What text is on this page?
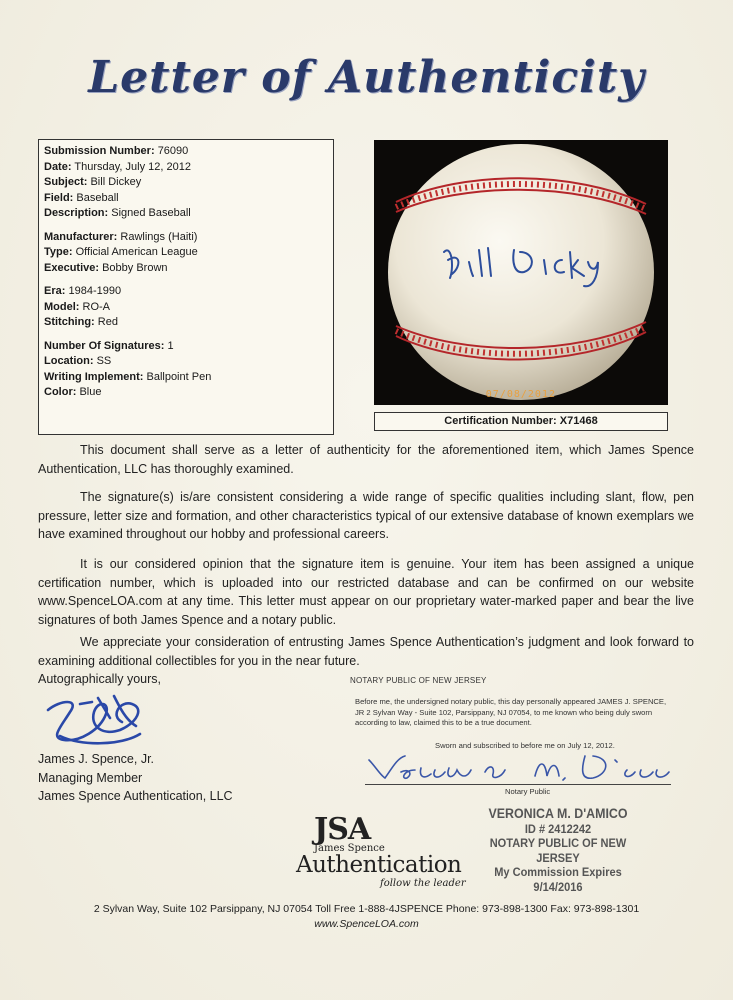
Letter of Authenticity
Submission Number: 76090
Date: Thursday, July 12, 2012
Subject: Bill Dickey
Field: Baseball
Description: Signed Baseball
Manufacturer: Rawlings (Haiti)
Type: Official American League
Executive: Bobby Brown
Era: 1984-1990
Model: RO-A
Stitching: Red
Number Of Signatures: 1
Location: SS
Writing Implement: Ballpoint Pen
Color: Blue	07/08/2012
Certification Number: X71468
This document shall serve as a letter of authenticity for the aforementioned item, which James Spence Authentication, LLC has thoroughly examined.
The signature(s) is/are consistent considering a wide range of specific qualities including slant, flow, pen pressure, letter size and formation, and other characteristics typical of our extensive database of known exemplars we have examined throughout our hobby and professional careers.
It is our considered opinion that the signature item is genuine. Your item has been assigned a unique certification number, which is uploaded into our restricted database and can be confirmed on our website www.SpenceLOA.com at any time. This letter must appear on our proprietary water-marked paper and bear the live signatures of both James Spence and a notary public.
We appreciate your consideration of entrusting James Spence Authentication’s judgment and look forward to examining additional collectibles for you in the near future.
Autographically yours,
James J. Spence, Jr.
Managing Member
James Spence Authentication, LLC
NOTARY PUBLIC OF NEW JERSEY
Before me, the undersigned notary public, this day personally appeared JAMES J. SPENCE, JR 2 Sylvan Way - Suite 102, Parsippany, NJ 07054, to me known who being duly sworn according to law, claimed this to be a true document.
Sworn and subscribed to before me on July 12, 2012.
Notary Public
JSA
James Spence
Authentication
follow the leader
VERONICA M. D'AMICO
ID # 2412242
NOTARY PUBLIC OF NEW JERSEY
My Commission Expires 9/14/2016
2 Sylvan Way, Suite 102 Parsippany, NJ 07054 Toll Free 1-888-4JSPENCE Phone: 973-898-1300 Fax: 973-898-1301
www.SpenceLOA.com
